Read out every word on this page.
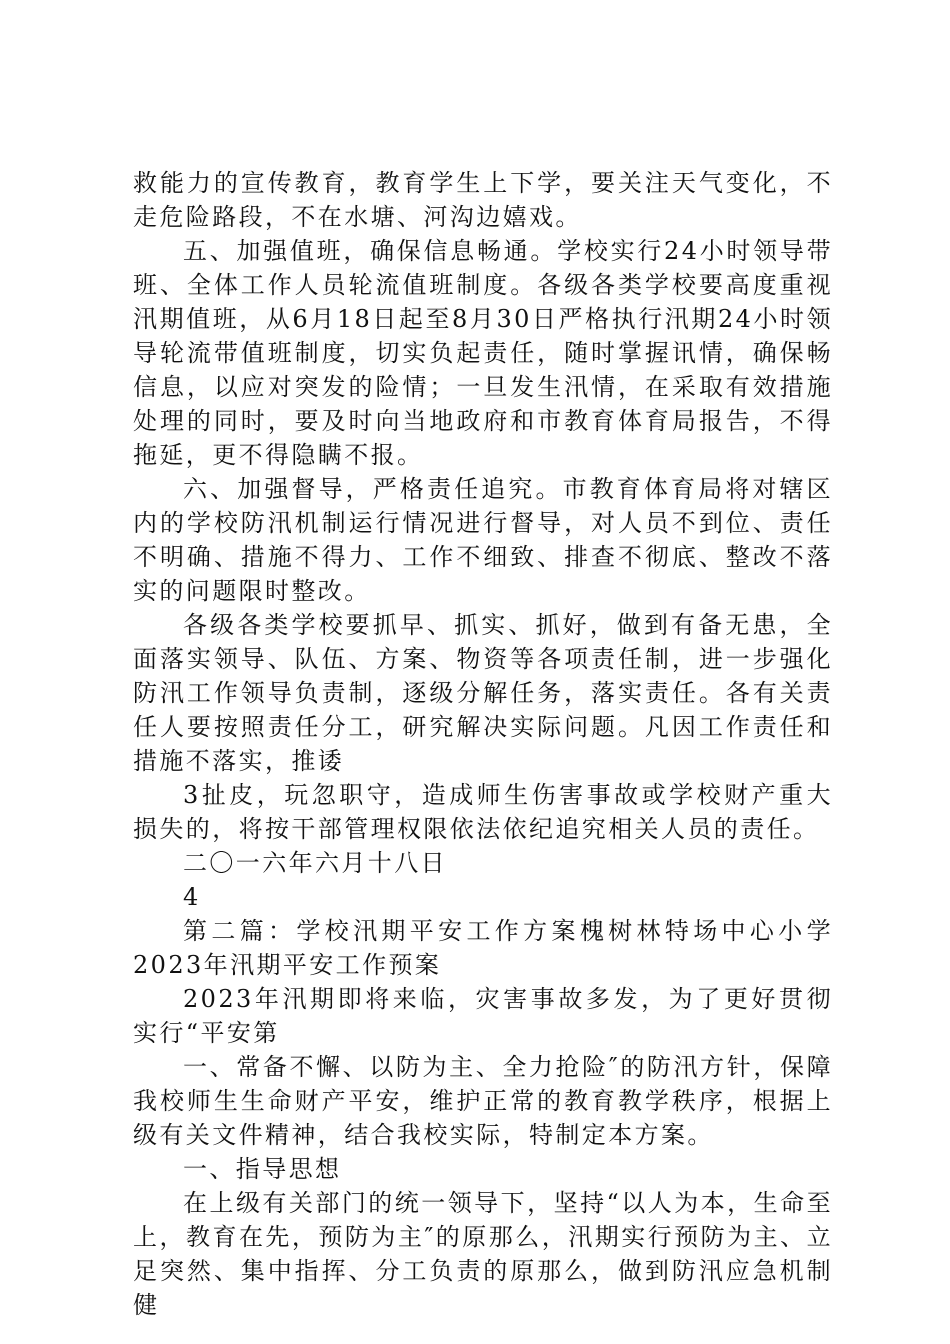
救能力的宣传教育，教育学生上下学，要关注天气变化，不走危险路段，不在水塘、河沟边嬉戏。

五、加强值班，确保信息畅通。学校实行24小时领导带班、全体工作人员轮流值班制度。各级各类学校要高度重视汛期值班，从6月18日起至8月30日严格执行汛期24小时领导轮流带值班制度，切实负起责任，随时掌握讯情，确保畅信息，以应对突发的险情；一旦发生汛情，在采取有效措施处理的同时，要及时向当地政府和市教育体育局报告，不得拖延，更不得隐瞒不报。

六、加强督导，严格责任追究。市教育体育局将对辖区内的学校防汛机制运行情况进行督导，对人员不到位、责任不明确、措施不得力、工作不细致、排查不彻底、整改不落实的问题限时整改。

各级各类学校要抓早、抓实、抓好，做到有备无患，全面落实领导、队伍、方案、物资等各项责任制，进一步强化防汛工作领导负责制，逐级分解任务，落实责任。各有关责任人要按照责任分工，研究解决实际问题。凡因工作责任和措施不落实，推诿

3扯皮，玩忽职守，造成师生伤害事故或学校财产重大损失的，将按干部管理权限依法依纪追究相关人员的责任。

二〇一六年六月十八日

4

第二篇：学校汛期平安工作方案槐树林特场中心小学2023年汛期平安工作预案

2023年汛期即将来临，灾害事故多发，为了更好贯彻实行“平安第

一、常备不懈、以防为主、全力抢险″的防汛方针，保障我校师生生命财产平安，维护正常的教育教学秩序，根据上级有关文件精神，结合我校实际，特制定本方案。

一、指导思想

在上级有关部门的统一领导下，坚持“以人为本，生命至上，教育在先，预防为主″的原那么，汛期实行预防为主、立足突然、集中指挥、分工负责的原那么，做到防汛应急机制健
